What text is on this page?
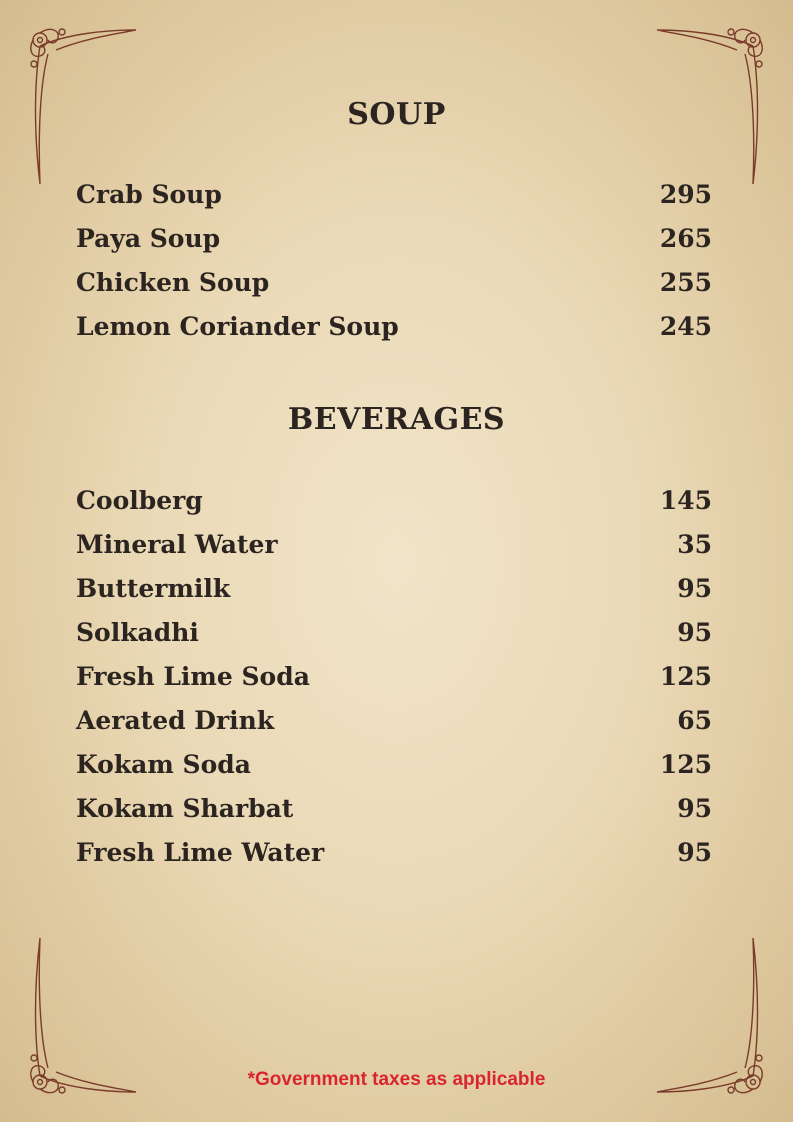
SOUP
Crab Soup	295
Paya Soup	265
Chicken Soup	255
Lemon Coriander Soup	245
BEVERAGES
Coolberg	145
Mineral Water	35
Buttermilk	95
Solkadhi	95
Fresh Lime Soda	125
Aerated Drink	65
Kokam Soda	125
Kokam Sharbat	95
Fresh Lime Water	95
*Government taxes as applicable
